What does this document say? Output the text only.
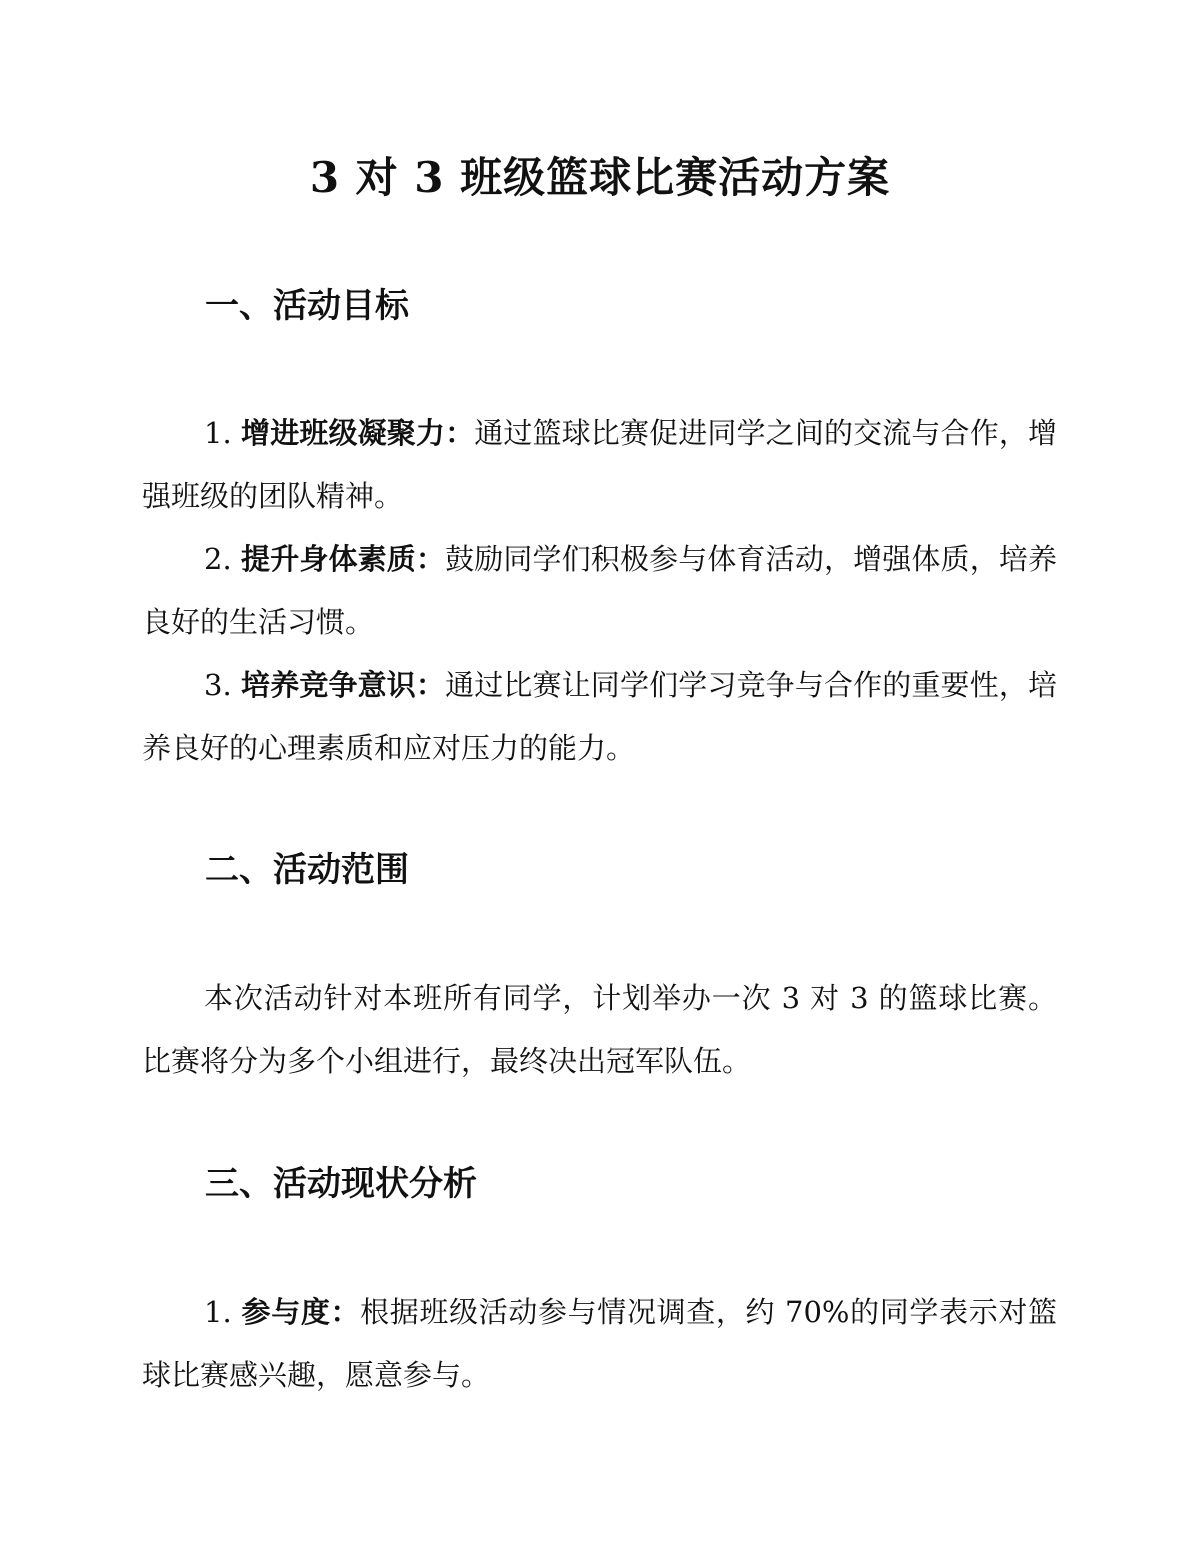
3 对 3 班级篮球比赛活动方案
一、活动目标

1. 增进班级凝聚力：通过篮球比赛促进同学之间的交流与合作，增强班级的团队精神。

2. 提升身体素质：鼓励同学们积极参与体育活动，增强体质，培养良好的生活习惯。

3. 培养竞争意识：通过比赛让同学们学习竞争与合作的重要性，培养良好的心理素质和应对压力的能力。

二、活动范围

本次活动针对本班所有同学，计划举办一次 3 对 3 的篮球比赛。比赛将分为多个小组进行，最终决出冠军队伍。

三、活动现状分析

1. 参与度：根据班级活动参与情况调查，约 70%的同学表示对篮球比赛感兴趣，愿意参与。
